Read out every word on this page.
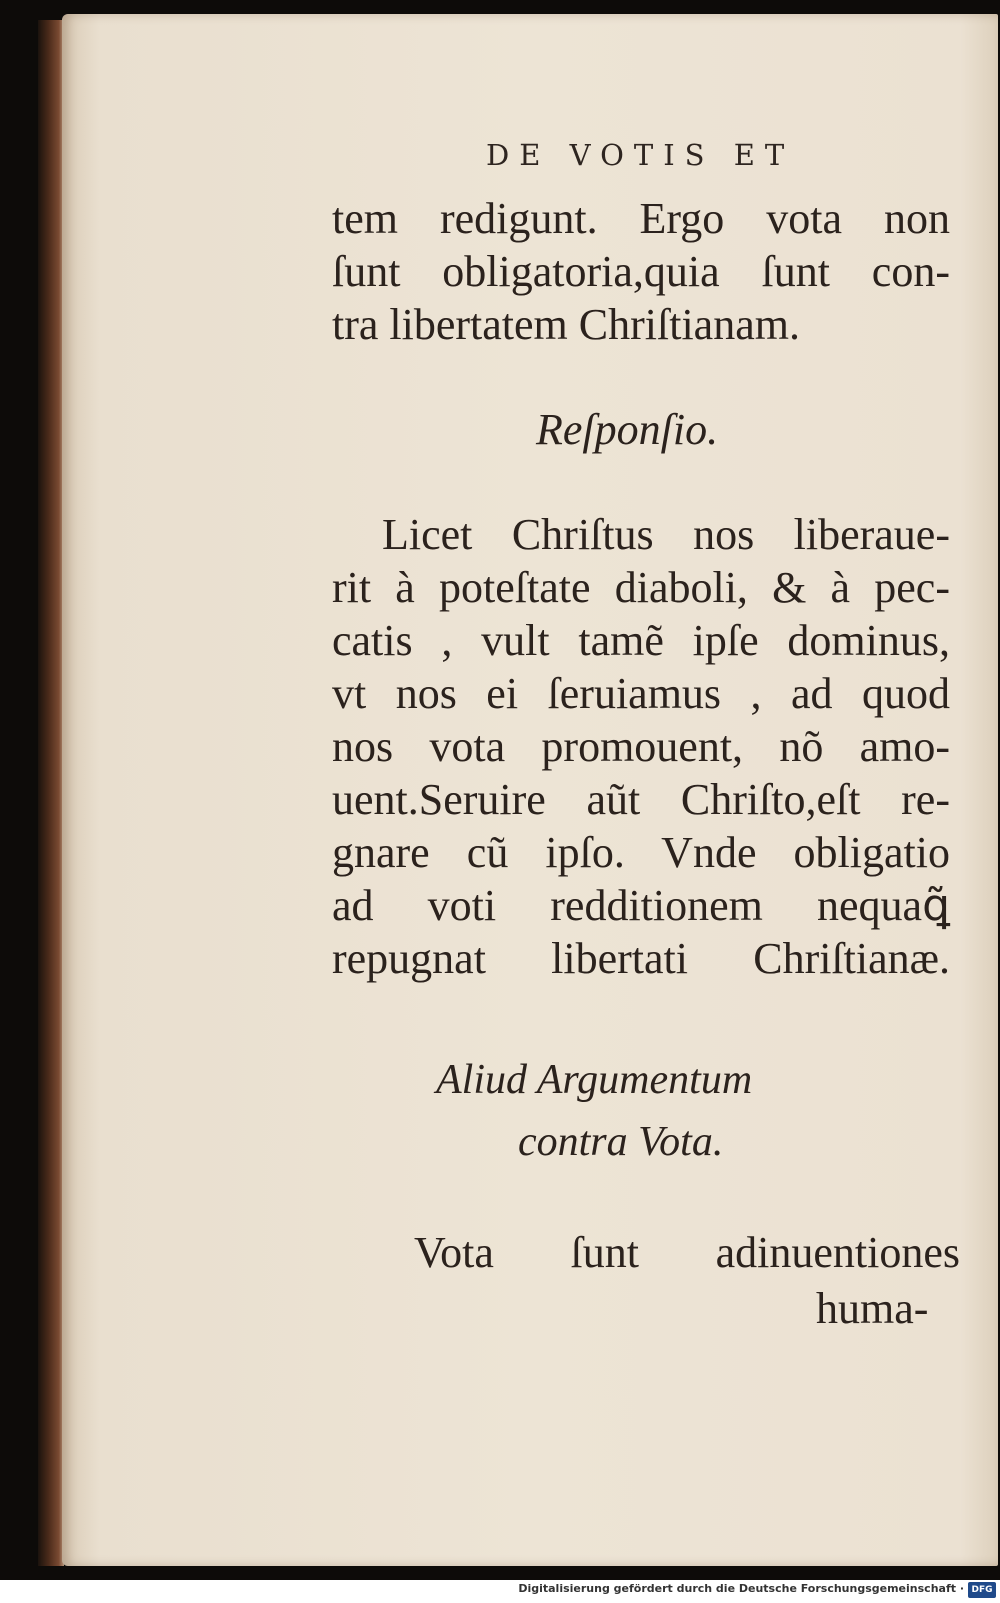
DE VOTIS ET
tem redigunt. Ergo vota non
ſunt obligatoria,quia ſunt con-
tra libertatem Chriſtianam.
Reſponſio.
Licet Chriſtus nos liberaue-
rit à poteſtate diaboli, & à pec-
catis , vult tamẽ ipſe dominus,
vt nos ei ſeruiamus , ad quod
nos vota promouent, nõ amo-
uent.Seruire aũt Chriſto,eſt re-
gnare cũ ipſo. Vnde obligatio
ad voti redditionem nequaꝗ̃
repugnat libertati Chriſtianæ.
Aliud Argumentum
contra Vota.
Vota ſunt adinuentiones
huma-
Digitalisierung gefördert durch die Deutsche Forschungsgemeinschaft · DFG
